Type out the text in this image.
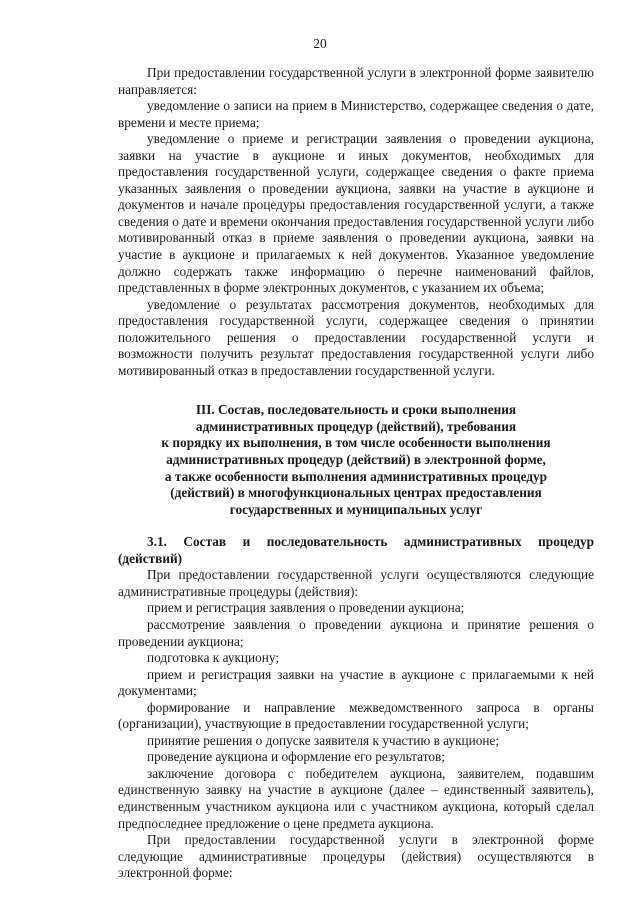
20

При предоставлении государственной услуги в электронной форме заявителю направляется:

уведомление о записи на прием в Министерство, содержащее сведения о дате, времени и месте приема;

уведомление о приеме и регистрации заявления о проведении аукциона, заявки на участие в аукционе и иных документов, необходимых для предоставления государственной услуги, содержащее сведения о факте приема указанных заявления о проведении аукциона, заявки на участие в аукционе и документов и начале процедуры предоставления государственной услуги, а также сведения о дате и времени окончания предоставления государственной услуги либо мотивированный отказ в приеме заявления о проведении аукциона, заявки на участие в аукционе и прилагаемых к ней документов. Указанное уведомление должно содержать также информацию о перечне наименований файлов, представленных в форме электронных документов, с указанием их объема;

уведомление о результатах рассмотрения документов, необходимых для предоставления государственной услуги, содержащее сведения о принятии положительного решения о предоставлении государственной услуги и возможности получить результат предоставления государственной услуги либо мотивированный отказ в предоставлении государственной услуги.

III. Состав, последовательность и сроки выполнения
административных процедур (действий), требования
к порядку их выполнения, в том числе особенности выполнения
административных процедур (действий) в электронной форме,
а также особенности выполнения административных процедур
(действий) в многофункциональных центрах предоставления
государственных и муниципальных услуг

3.1. Состав и последовательность административных процедур (действий)

При предоставлении государственной услуги осуществляются следующие административные процедуры (действия):

прием и регистрация заявления о проведении аукциона;

рассмотрение заявления о проведении аукциона и принятие решения о проведении аукциона;

подготовка к аукциону;

прием и регистрация заявки на участие в аукционе с прилагаемыми к ней документами;

формирование и направление межведомственного запроса в органы (организации), участвующие в предоставлении государственной услуги;

принятие решения о допуске заявителя к участию в аукционе;

проведение аукциона и оформление его результатов;

заключение договора с победителем аукциона, заявителем, подавшим единственную заявку на участие в аукционе (далее – единственный заявитель), единственным участником аукциона или с участником аукциона, который сделал предпоследнее предложение о цене предмета аукциона.

При предоставлении государственной услуги в электронной форме следующие административные процедуры (действия) осуществляются в электронной форме:
